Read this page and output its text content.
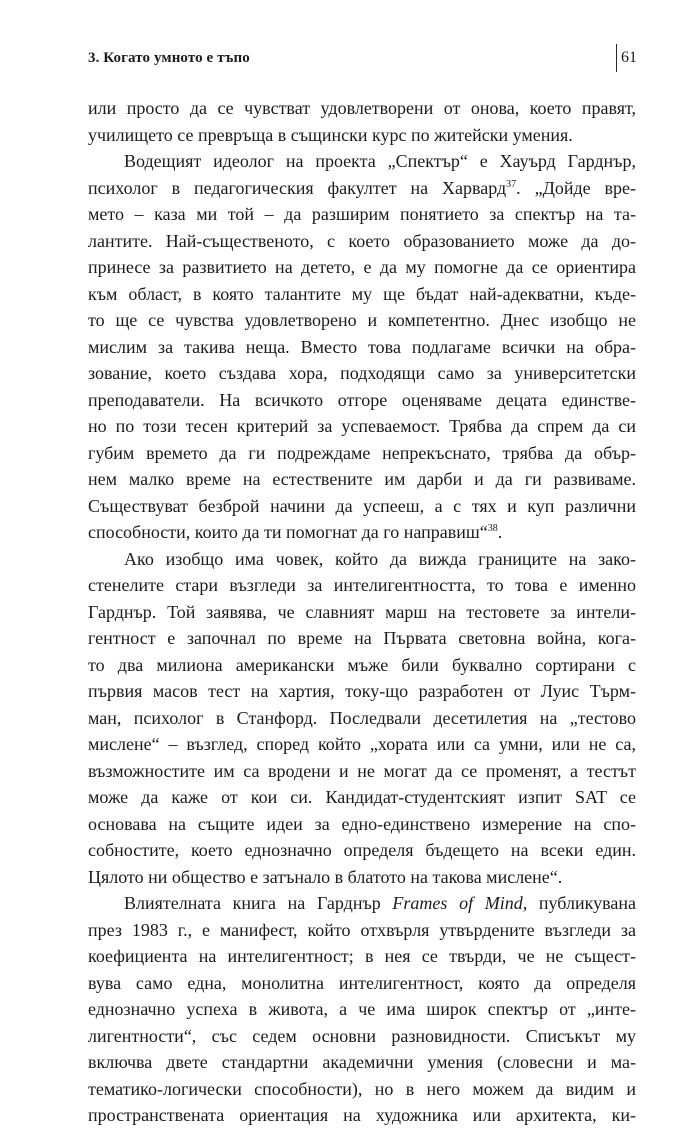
3. Когато умното е тъпо	61

или просто да се чувстват удовлетворени от онова, което правят,
училището се превръща в същински курс по житейски умения.

Водещият идеолог на проекта „Спектър“ е Хауърд Гарднър,
психолог в педагогическия факултет на Харвард$^{37}$. „Дойде вре-
мето – каза ми той – да разширим понятието за спектър на та-
лантите. Най-същественото, с което образованието може да до-
принесе за развитието на детето, е да му помогне да се ориентира
към област, в която талантите му ще бъдат най-адекватни, къде-
то ще се чувства удовлетворено и компетентно. Днес изобщо не
мислим за такива неща. Вместо това подлагаме всички на обра-
зование, което създава хора, подходящи само за университетски
преподаватели. На всичкото отгоре оценяваме децата единстве-
но по този тесен критерий за успеваемост. Трябва да спрем да си
губим времето да ги подреждаме непрекъснато, трябва да обър-
нем малко време на естествените им дарби и да ги развиваме.
Съществуват безброй начини да успееш, а с тях и куп различни
способности, които да ти помогнат да го направиш“$^{38}$.

Ако изобщо има човек, който да вижда границите на зако-
стенелите стари възгледи за интелигентността, то това е именно
Гарднър. Той заявява, че славният марш на тестовете за интели-
гентност е започнал по време на Първата световна война, кога-
то два милиона американски мъже били буквално сортирани с
първия масов тест на хартия, току-що разработен от Луис Търм-
ман, психолог в Станфорд. Последвали десетилетия на „тестово
мислене“ – възглед, според който „хората или са умни, или не са,
възможностите им са вродени и не могат да се променят, а тестът
може да каже от кои си. Кандидат-студентският изпит SAT се
основава на същите идеи за едно-единствено измерение на спо-
собностите, което еднозначно определя бъдещето на всеки един.
Цялото ни общество е затънало в блатото на такова мислене“.

Влиятелната книга на Гарднър Frames of Mind, публикувана
през 1983 г., е манифест, който отхвърля утвърдените възгледи за
коефициента на интелигентност; в нея се твърди, че не същест-
вува само една, монолитна интелигентност, която да определя
еднозначно успеха в живота, а че има широк спектър от „инте-
лигентности“, със седем основни разновидности. Списъкът му
включва двете стандартни академични умения (словесни и ма-
тематико-логически способности), но в него можем да видим и
пространствената ориентация на художника или архитекта, ки-
